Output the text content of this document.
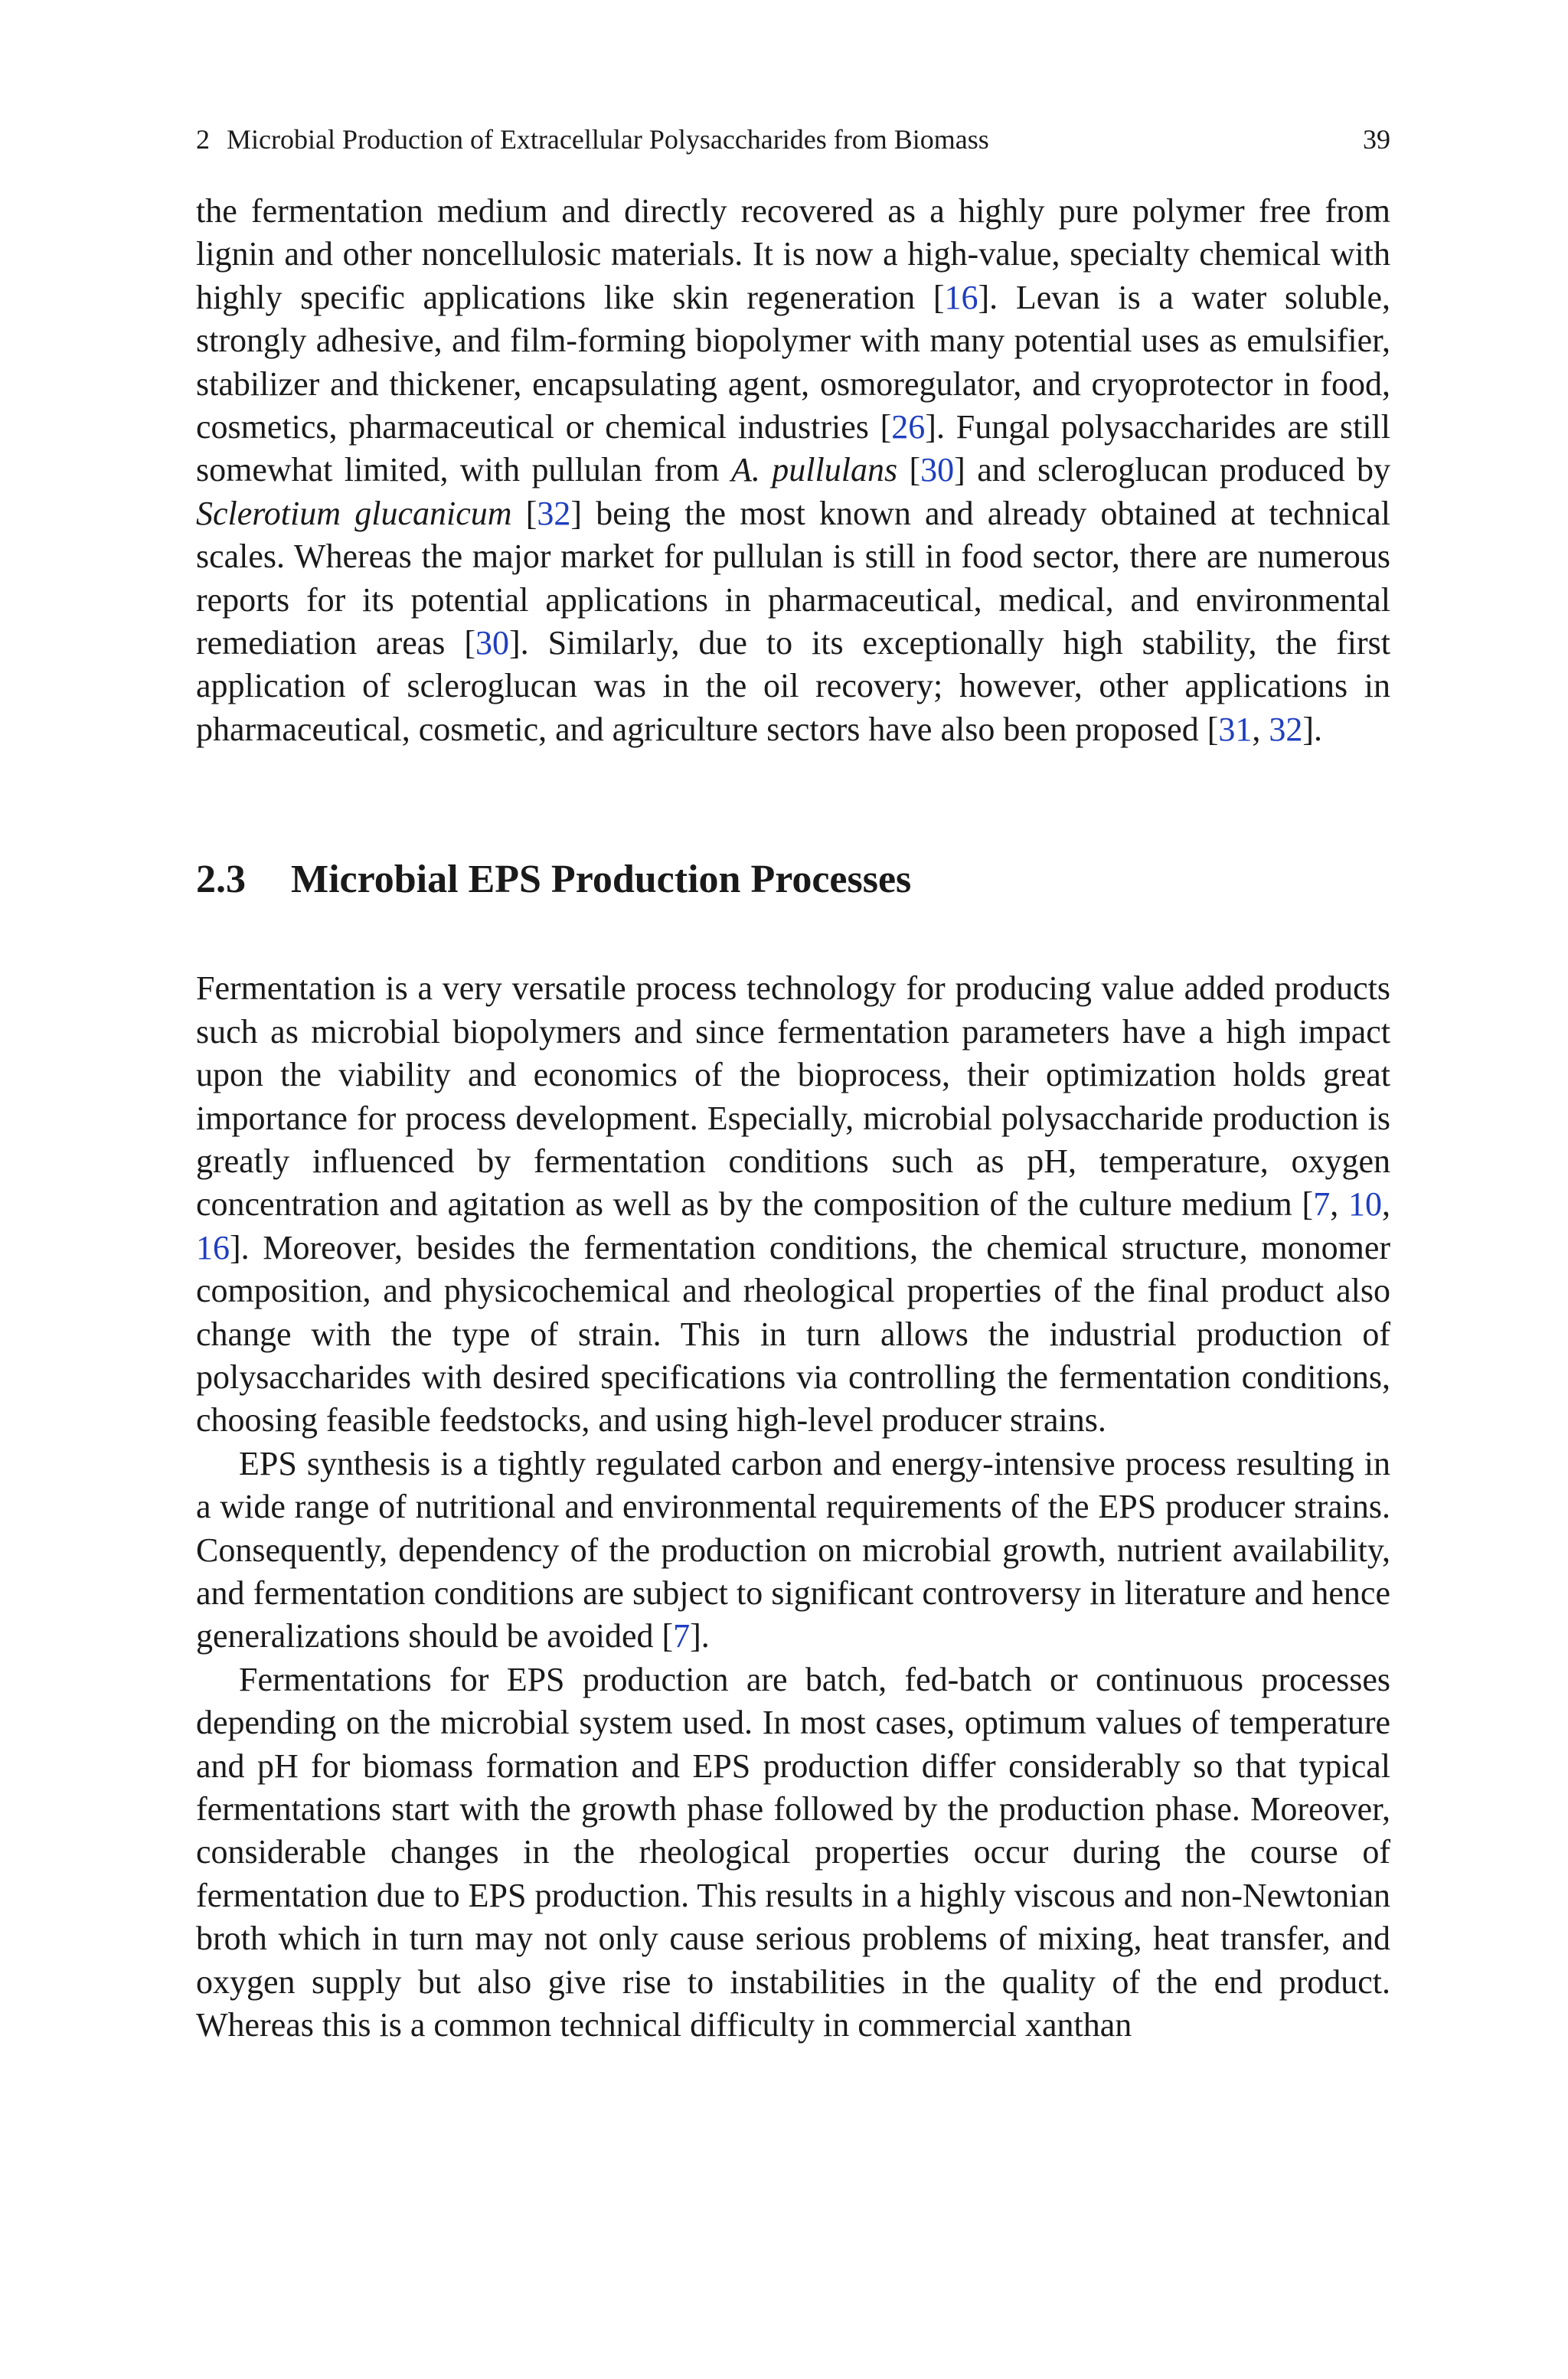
2 Microbial Production of Extracellular Polysaccharides from Biomass	39

the fermentation medium and directly recovered as a highly pure polymer free from lignin and other noncellulosic materials. It is now a high-value, specialty chemical with highly specific applications like skin regeneration [16]. Levan is a water soluble, strongly adhesive, and film-forming biopolymer with many potential uses as emulsifier, stabilizer and thickener, encapsulating agent, osmoregulator, and cryoprotector in food, cosmetics, pharmaceutical or chemical industries [26]. Fungal polysaccharides are still somewhat limited, with pullulan from A. pullulans [30] and scleroglucan produced by Sclerotium glucanicum [32] being the most known and already obtained at technical scales. Whereas the major market for pullulan is still in food sector, there are numerous reports for its potential applications in pharmaceutical, medical, and environmental remediation areas [30]. Similarly, due to its exceptionally high stability, the first application of scleroglucan was in the oil recovery; however, other applications in pharmaceutical, cosmetic, and agriculture sectors have also been proposed [31, 32].

2.3 Microbial EPS Production Processes

Fermentation is a very versatile process technology for producing value added products such as microbial biopolymers and since fermentation parameters have a high impact upon the viability and economics of the bioprocess, their optimization holds great importance for process development. Especially, microbial polysaccharide production is greatly influenced by fermentation conditions such as pH, temperature, oxygen concentration and agitation as well as by the composition of the culture medium [7, 10, 16]. Moreover, besides the fermentation conditions, the chemical structure, monomer composition, and physicochemical and rheological properties of the final product also change with the type of strain. This in turn allows the industrial production of polysaccharides with desired specifications via controlling the fermentation conditions, choosing feasible feedstocks, and using high-level producer strains.

EPS synthesis is a tightly regulated carbon and energy-intensive process resulting in a wide range of nutritional and environmental requirements of the EPS producer strains. Consequently, dependency of the production on microbial growth, nutrient availability, and fermentation conditions are subject to significant controversy in literature and hence generalizations should be avoided [7].

Fermentations for EPS production are batch, fed-batch or continuous processes depending on the microbial system used. In most cases, optimum values of temperature and pH for biomass formation and EPS production differ considerably so that typical fermentations start with the growth phase followed by the production phase. Moreover, considerable changes in the rheological properties occur during the course of fermentation due to EPS production. This results in a highly viscous and non-Newtonian broth which in turn may not only cause serious problems of mixing, heat transfer, and oxygen supply but also give rise to instabilities in the quality of the end product. Whereas this is a common technical difficulty in commercial xanthan
